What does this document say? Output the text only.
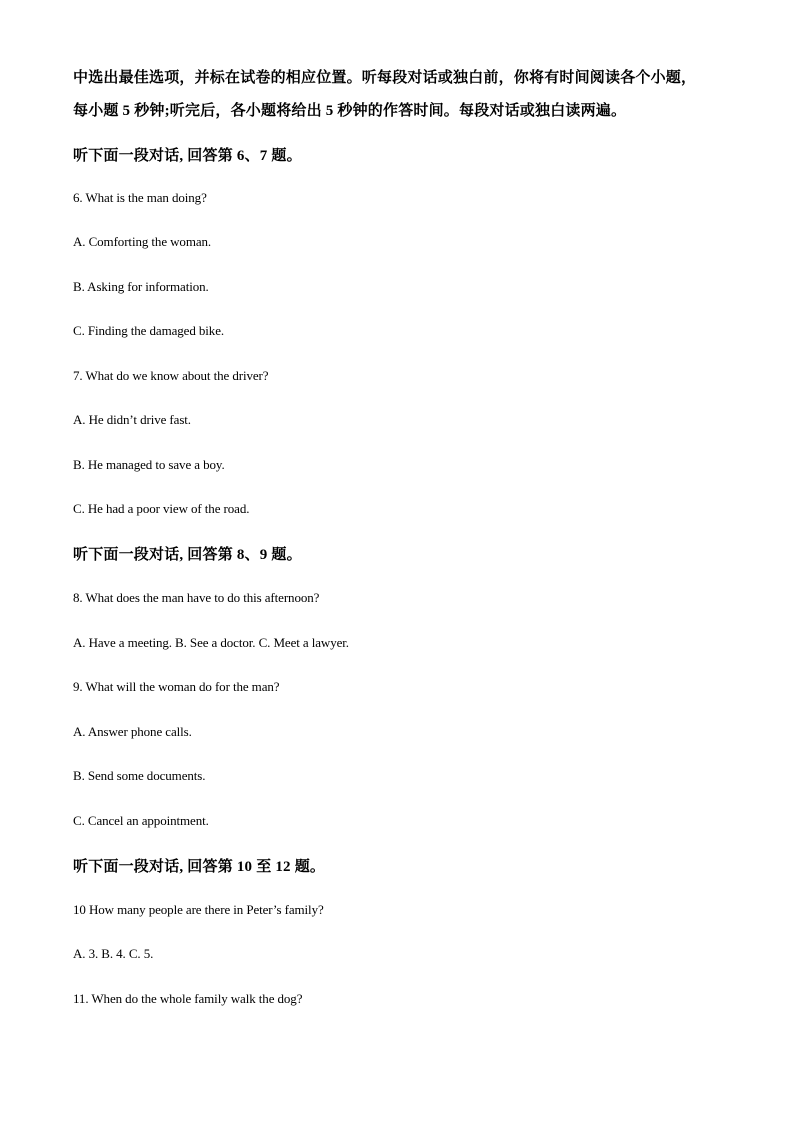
中选出最佳选项，并标在试卷的相应位置。听每段对话或独白前，你将有时间阅读各个小题，
每小题 5 秒钟;听完后，各小题将给出 5 秒钟的作答时间。每段对话或独白读两遍。
听下面一段对话, 回答第 6、7 题。
6. What is the man doing?
A. Comforting the woman.
B. Asking for information.
C. Finding the damaged bike.
7. What do we know about the driver?
A. He didn’t drive fast.
B. He managed to save a boy.
C. He had a poor view of the road.
听下面一段对话, 回答第 8、9 题。
8. What does the man have to do this afternoon?
A. Have a meeting. B. See a doctor. C. Meet a lawyer.
9. What will the woman do for the man?
A. Answer phone calls.
B. Send some documents.
C. Cancel an appointment.
听下面一段对话, 回答第 10 至 12 题。
10 How many people are there in Peter’s family?
A. 3. B. 4. C. 5.
11. When do the whole family walk the dog?
